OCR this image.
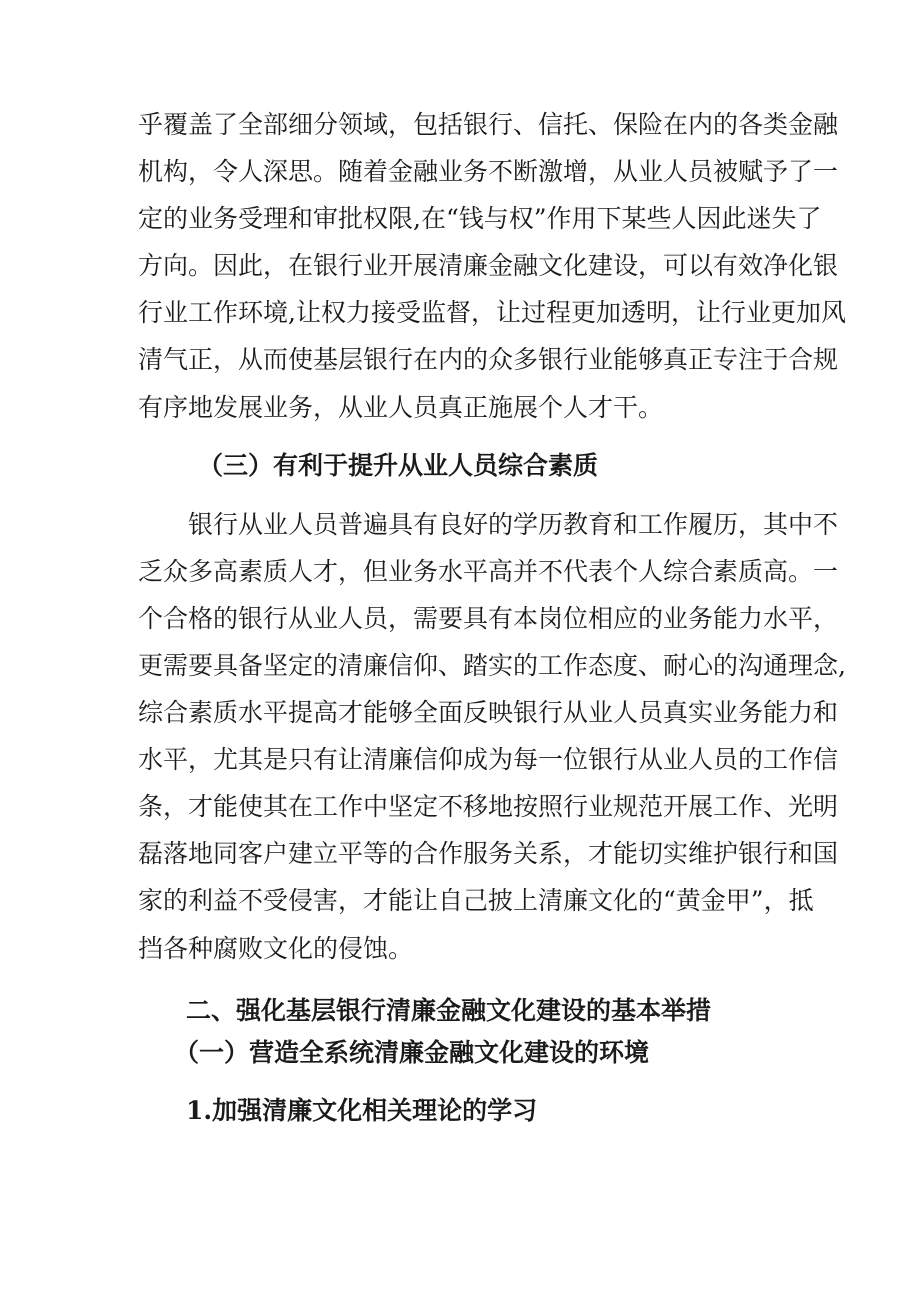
乎覆盖了全部细分领域，包括银行、信托、保险在内的各类金融
机构，令人深思。随着金融业务不断激增，从业人员被赋予了一
定的业务受理和审批权限,在“钱与权”作用下某些人因此迷失了
方向。因此，在银行业开展清廉金融文化建设，可以有效净化银
行业工作环境,让权力接受监督，让过程更加透明，让行业更加风
清气正，从而使基层银行在内的众多银行业能够真正专注于合规
有序地发展业务，从业人员真正施展个人才干。
（三）有利于提升从业人员综合素质
银行从业人员普遍具有良好的学历教育和工作履历，其中不
乏众多高素质人才，但业务水平高并不代表个人综合素质高。一
个合格的银行从业人员，需要具有本岗位相应的业务能力水平，
更需要具备坚定的清廉信仰、踏实的工作态度、耐心的沟通理念,
综合素质水平提高才能够全面反映银行从业人员真实业务能力和
水平，尤其是只有让清廉信仰成为每一位银行从业人员的工作信
条，才能使其在工作中坚定不移地按照行业规范开展工作、光明
磊落地同客户建立平等的合作服务关系，才能切实维护银行和国
家的利益不受侵害，才能让自己披上清廉文化的“黄金甲”，抵
挡各种腐败文化的侵蚀。
二、强化基层银行清廉金融文化建设的基本举措
（一）营造全系统清廉金融文化建设的环境
1.加强清廉文化相关理论的学习
